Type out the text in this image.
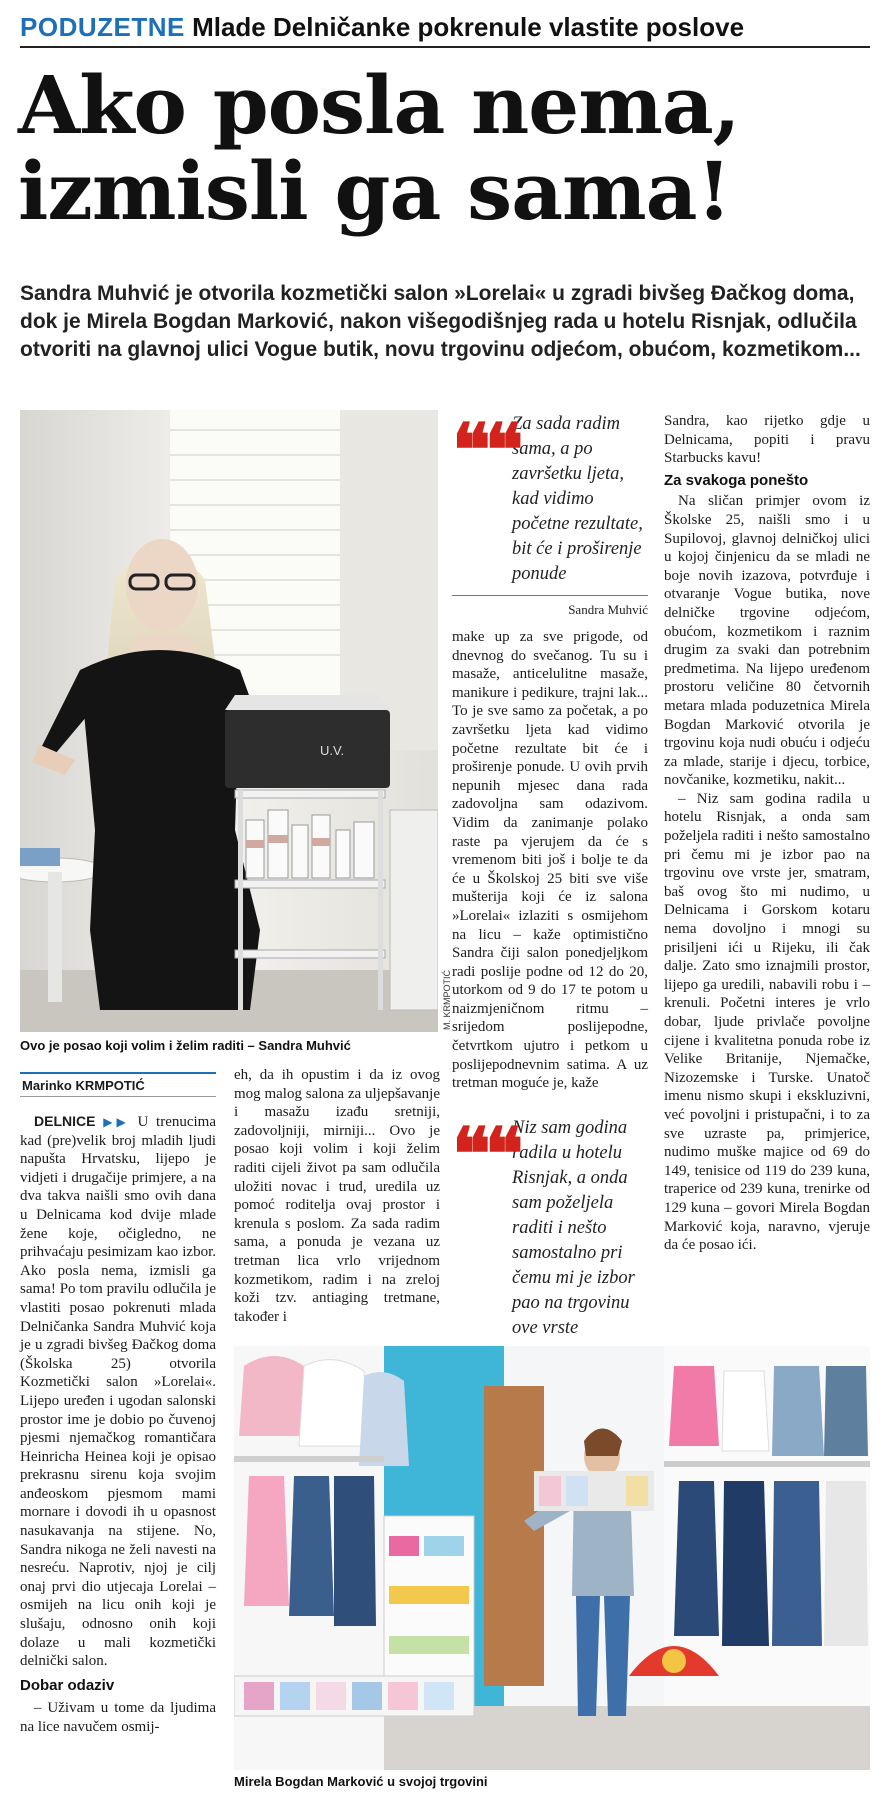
PODUZETNE Mlade Delničanke pokrenule vlastite poslove
Ako posla nema,
izmisli ga sama!
Sandra Muhvić je otvorila kozmetički salon »Lorelai« u zgradi bivšeg Đačkog doma, dok je Mirela Bogdan Marković, nakon višegodišnjeg rada u hotelu Risnjak, odlučila otvoriti na glavnoj ulici Vogue butik, novu trgovinu odjećom, obućom, kozmetikom...
U.V.
M. KRMPOTIĆ
Ovo je posao koji volim i želim raditi – Sandra Muhvić
Marinko KRMPOTIĆ

DELNICE ▶▶ U trenucima kad (pre)velik broj mladih ljudi napušta Hrvatsku, lijepo je vidjeti i drugačije primjere, a na dva takva naišli smo ovih dana u Delnicama kod dvije mlade žene koje, očigledno, ne prihvaćaju pesimizam kao izbor. Ako posla nema, izmisli ga sama! Po tom pravilu odlučila je vlastiti posao pokrenuti mlada Delničanka Sandra Muhvić koja je u zgradi bivšeg Đačkog doma (Školska 25) otvorila Kozmetički salon »Lorelai«. Lijepo uređen i ugodan salonski prostor ime je dobio po čuvenoj pjesmi njemačkog romantičara Heinricha Heinea koji je opisao prekrasnu sirenu koja svojim anđeoskom pjesmom mami mornare i dovodi ih u opasnost nasukavanja na stijene. No, Sandra nikoga ne želi navesti na nesreću. Naprotiv, njoj je cilj onaj prvi dio utjecaja Lorelai – osmijeh na licu onih koji je slušaju, odnosno onih koji dolaze u mali kozmetički delnički salon.

Dobar odaziv

– Uživam u tome da ljudima na lice navučem osmij-

eh, da ih opustim i da iz ovog mog malog salona za uljepšavanje i masažu izađu sretniji, zadovoljniji, mirniji... Ovo je posao koji volim i koji želim raditi cijeli život pa sam odlučila uložiti novac i trud, uredila uz pomoć roditelja ovaj prostor i krenula s poslom. Za sada radim sama, a ponuda je vezana uz tretman lica vrlo vrijednom kozmetikom, radim i na zreloj koži tzv. antiaging tretmane, također i
❝❝
Za sada radim sama, a po završetku ljeta, kad vidimo početne rezultate, bit će i proširenje ponude
Sandra Muhvić
make up za sve prigode, od dnevnog do svečanog. Tu su i masaže, anticelulitne masaže, manikure i pedikure, trajni lak... To je sve samo za početak, a po završetku ljeta kad vidimo početne rezultate bit će i proširenje ponude. U ovih prvih nepunih mjesec dana rada zadovoljna sam odazivom. Vidim da zanimanje polako raste pa vjerujem da će s vremenom biti još i bolje te da će u Školskoj 25 biti sve više mušterija koji će iz salona »Lorelai« izlaziti s osmijehom na licu – kaže optimistično Sandra čiji salon ponedjeljkom radi poslije podne od 12 do 20, utorkom od 9 do 17 te potom u naizmjeničnom ritmu – srijedom poslijepodne, četvrtkom ujutro i petkom u poslijepodnevnim satima. A uz tretman moguće je, kaže
❝❝
Niz sam godina radila u hotelu Risnjak, a onda sam poželjela raditi i nešto samostalno pri čemu mi je izbor pao na trgovinu ove vrste

Sandra, kao rijetko gdje u Delnicama, popiti i pravu Starbucks kavu!

Za svakoga ponešto

Na sličan primjer ovom iz Školske 25, naišli smo i u Supilovoj, glavnoj delničkoj ulici u kojoj činjenicu da se mladi ne boje novih izazova, potvrđuje i otvaranje Vogue butika, nove delničke trgovine odjećom, obućom, kozmetikom i raznim drugim za svaki dan potrebnim predmetima. Na lijepo uređenom prostoru veličine 80 četvornih metara mlada poduzetnica Mirela Bogdan Marković otvorila je trgovinu koja nudi obuću i odjeću za mlade, starije i djecu, torbice, novčanike, kozmetiku, nakit...

– Niz sam godina radila u hotelu Risnjak, a onda sam poželjela raditi i nešto samostalno pri čemu mi je izbor pao na trgovinu ove vrste jer, smatram, baš ovog što mi nudimo, u Delnicama i Gorskom kotaru nema dovoljno i mnogi su prisiljeni ići u Rijeku, ili čak dalje. Zato smo iznajmili prostor, lijepo ga uredili, nabavili robu i – krenuli. Početni interes je vrlo dobar, ljude privlače povoljne cijene i kvalitetna ponuda robe iz Velike Britanije, Njemačke, Nizozemske i Turske. Unatoč imenu nismo skupi i ekskluzivni, već povoljni i pristupačni, i to za sve uzraste pa, primjerice, nudimo muške majice od 69 do 149, tenisice od 119 do 239 kuna, traperice od 239 kuna, trenirke od 129 kuna – govori Mirela Bogdan Marković koja, naravno, vjeruje da će posao ići.

Mirela Bogdan Marković u svojoj trgovini
